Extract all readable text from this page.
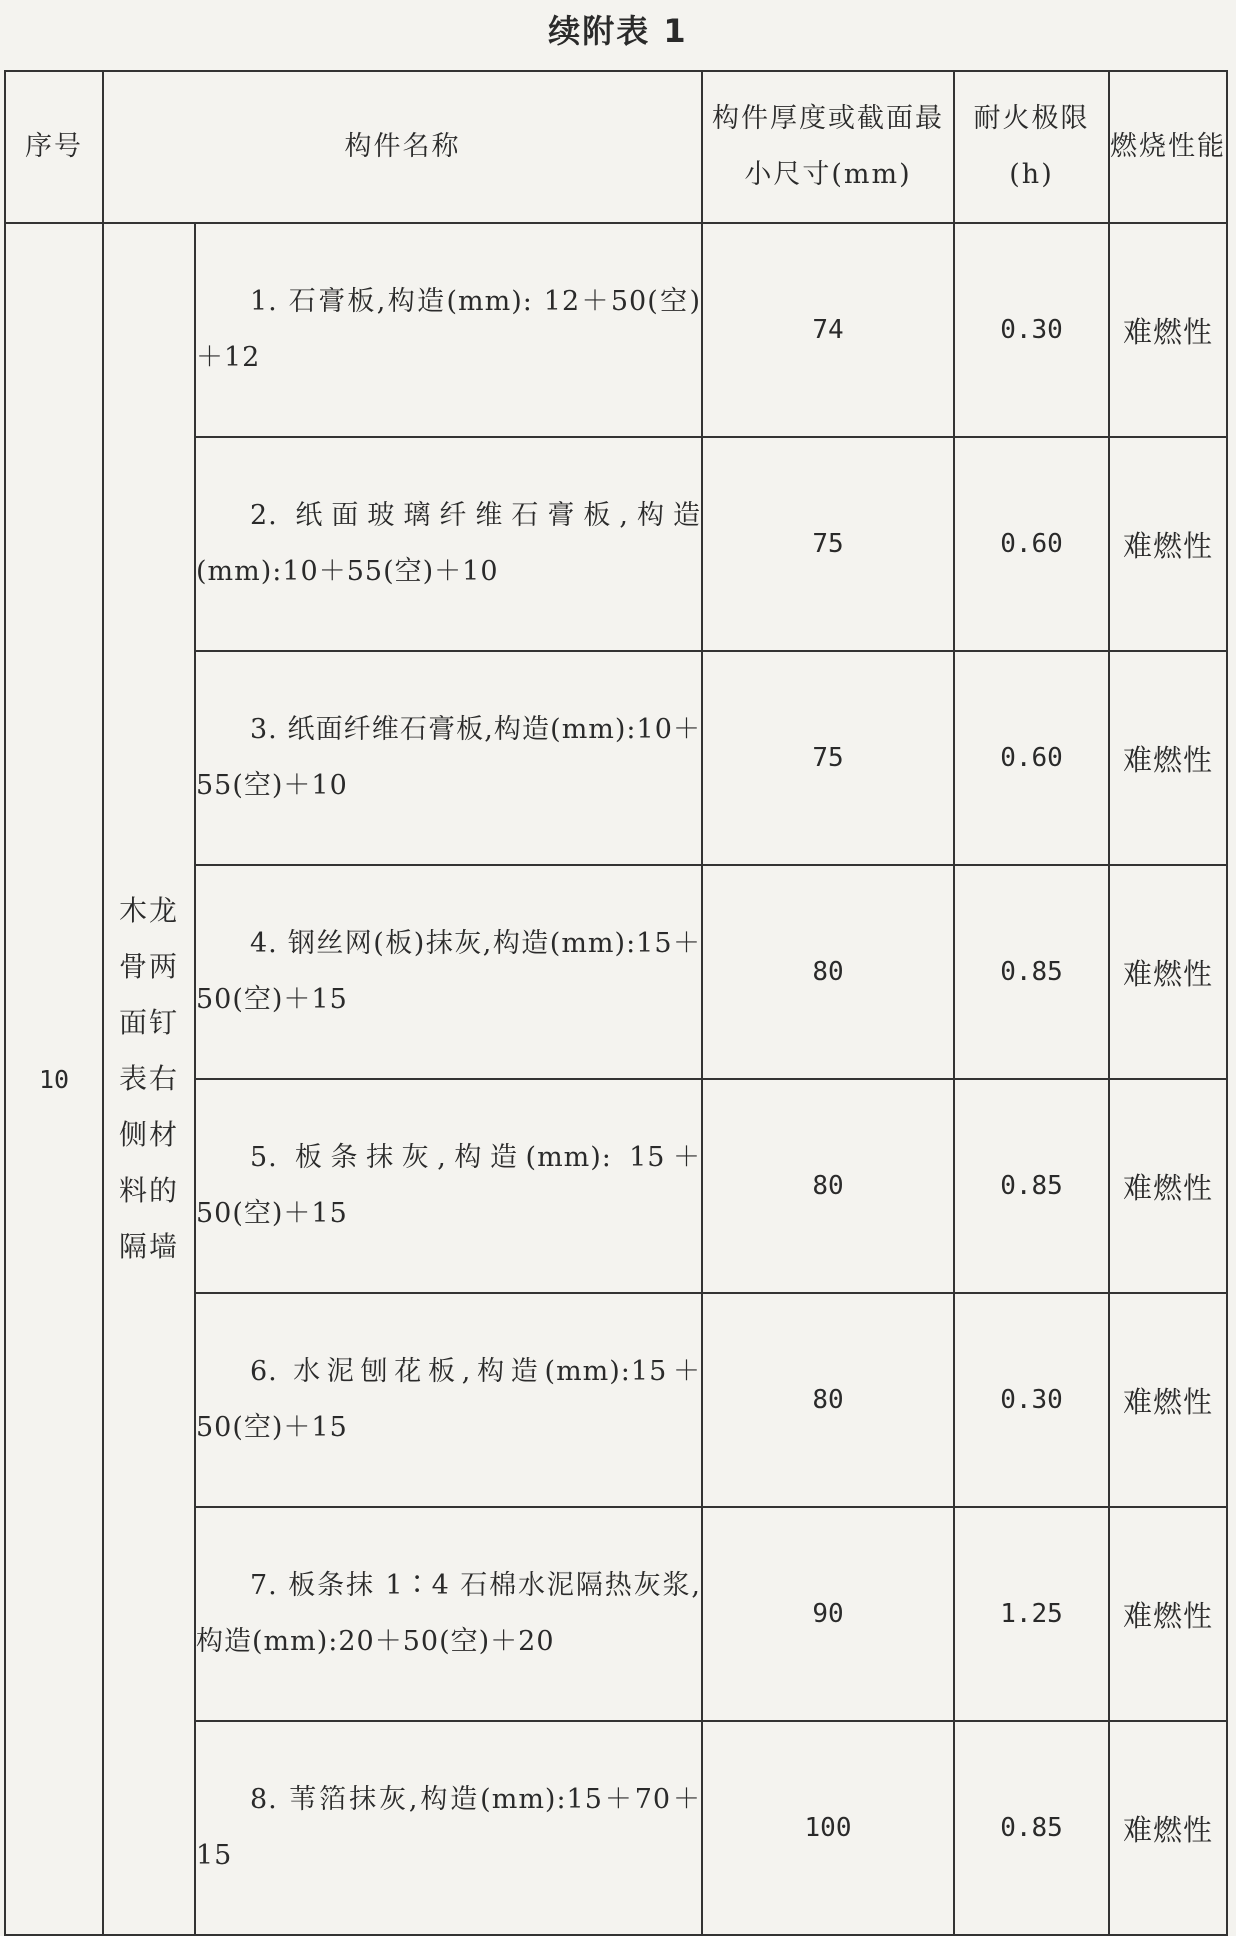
续附表 1
序号	构件名称		构件厚度或截面最小尺寸(mm)	耐火极限(h)	燃烧性能
10	木龙骨两面钉表右侧材料的隔墙	1. 石膏板,构造(mm): 12＋50(空)＋12	74	0.30	难燃性
		2. 纸面玻璃纤维石膏板,构造(mm):10＋55(空)＋10	75	0.60	难燃性
		3. 纸面纤维石膏板,构造(mm):10＋55(空)＋10	75	0.60	难燃性
		4. 钢丝网(板)抹灰,构造(mm):15＋50(空)＋15	80	0.85	难燃性
		5. 板条抹灰,构造(mm): 15＋50(空)＋15	80	0.85	难燃性
		6. 水泥刨花板,构造(mm):15＋50(空)＋15	80	0.30	难燃性
		7. 板条抹 1∶4 石棉水泥隔热灰浆,构造(mm):20＋50(空)＋20	90	1.25	难燃性
		8. 苇箔抹灰,构造(mm):15＋70＋15	100	0.85	难燃性
